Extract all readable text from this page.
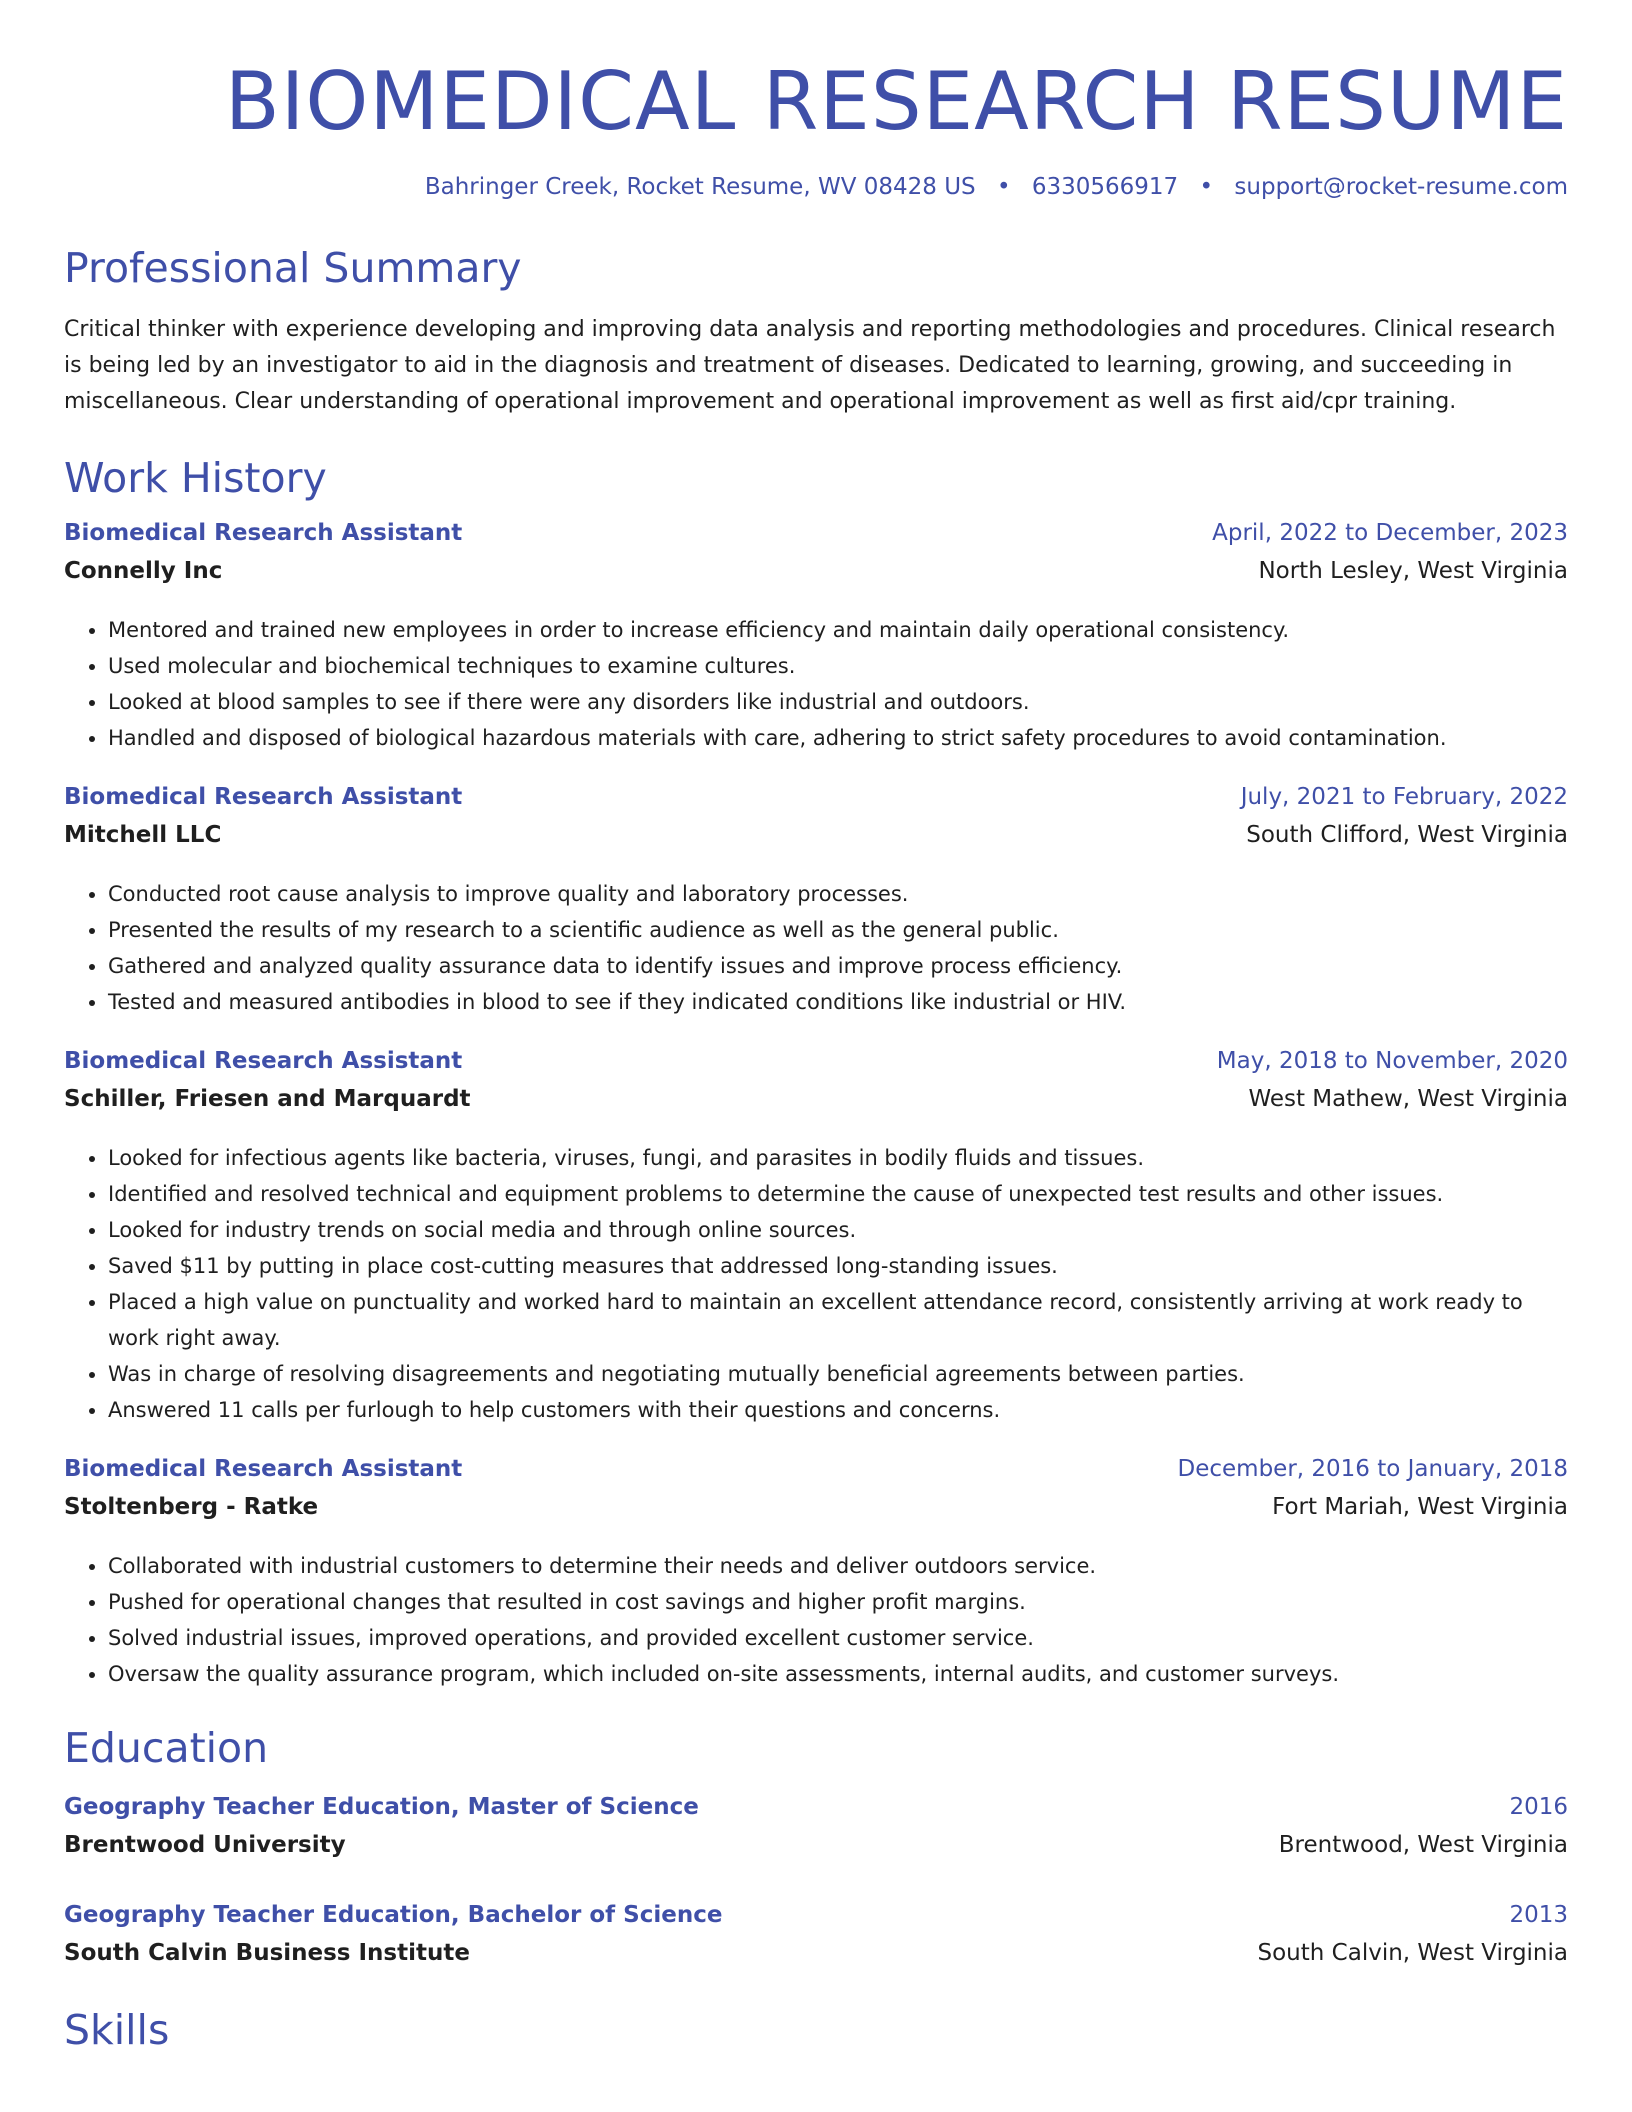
BIOMEDICAL RESEARCH RESUME
Bahringer Creek, Rocket Resume, WV 08428 US • 6330566917 • support@rocket-resume.com
Professional Summary

Critical thinker with experience developing and improving data analysis and reporting methodologies and procedures. Clinical research is being led by an investigator to aid in the diagnosis and treatment of diseases. Dedicated to learning, growing, and succeeding in miscellaneous. Clear understanding of operational improvement and operational improvement as well as first aid/cpr training.

Work History
Biomedical Research Assistant	April, 2022 to December, 2023
Connelly Inc	North Lesley, West Virginia
• Mentored and trained new employees in order to increase efficiency and maintain daily operational consistency.
• Used molecular and biochemical techniques to examine cultures.
• Looked at blood samples to see if there were any disorders like industrial and outdoors.
• Handled and disposed of biological hazardous materials with care, adhering to strict safety procedures to avoid contamination.
Biomedical Research Assistant	July, 2021 to February, 2022
Mitchell LLC	South Clifford, West Virginia
• Conducted root cause analysis to improve quality and laboratory processes.
• Presented the results of my research to a scientific audience as well as the general public.
• Gathered and analyzed quality assurance data to identify issues and improve process efficiency.
• Tested and measured antibodies in blood to see if they indicated conditions like industrial or HIV.
Biomedical Research Assistant	May, 2018 to November, 2020
Schiller, Friesen and Marquardt	West Mathew, West Virginia
• Looked for infectious agents like bacteria, viruses, fungi, and parasites in bodily fluids and tissues.
• Identified and resolved technical and equipment problems to determine the cause of unexpected test results and other issues.
• Looked for industry trends on social media and through online sources.
• Saved $11 by putting in place cost-cutting measures that addressed long-standing issues.
• Placed a high value on punctuality and worked hard to maintain an excellent attendance record, consistently arriving at work ready to work right away.
• Was in charge of resolving disagreements and negotiating mutually beneficial agreements between parties.
• Answered 11 calls per furlough to help customers with their questions and concerns.
Biomedical Research Assistant	December, 2016 to January, 2018
Stoltenberg - Ratke	Fort Mariah, West Virginia
• Collaborated with industrial customers to determine their needs and deliver outdoors service.
• Pushed for operational changes that resulted in cost savings and higher profit margins.
• Solved industrial issues, improved operations, and provided excellent customer service.
• Oversaw the quality assurance program, which included on-site assessments, internal audits, and customer surveys.
Education
Geography Teacher Education, Master of Science	2016
Brentwood University	Brentwood, West Virginia
Geography Teacher Education, Bachelor of Science	2013
South Calvin Business Institute	South Calvin, West Virginia
Skills
